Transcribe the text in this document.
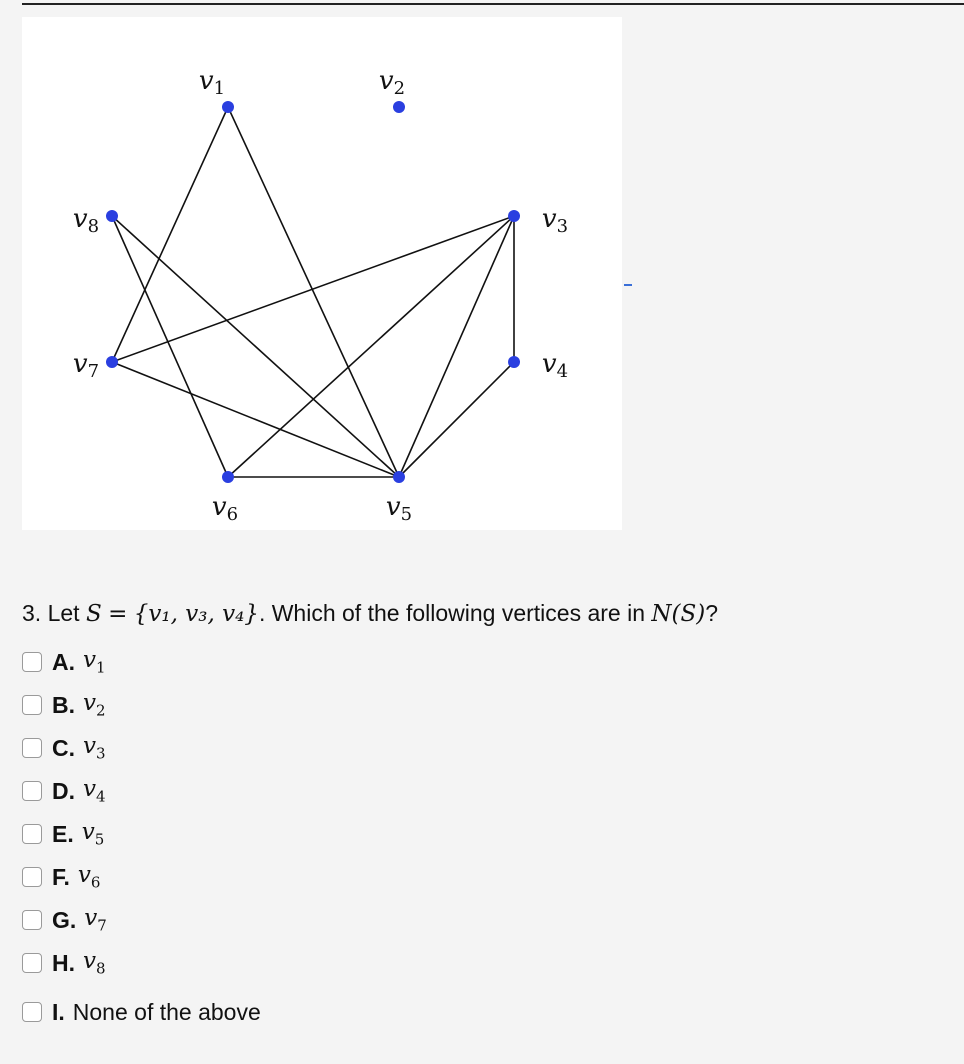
v1	v2
v3
v4
v5
v6
v7
v8
3. Let S = {v₁, v₃, v₄}. Which of the following vertices are in N(S)?
A. $v_1$
B. $v_2$
C. $v_3$
D. $v_4$
E. $v_5$
F. $v_6$
G. $v_7$
H. $v_8$
I. None of the above
